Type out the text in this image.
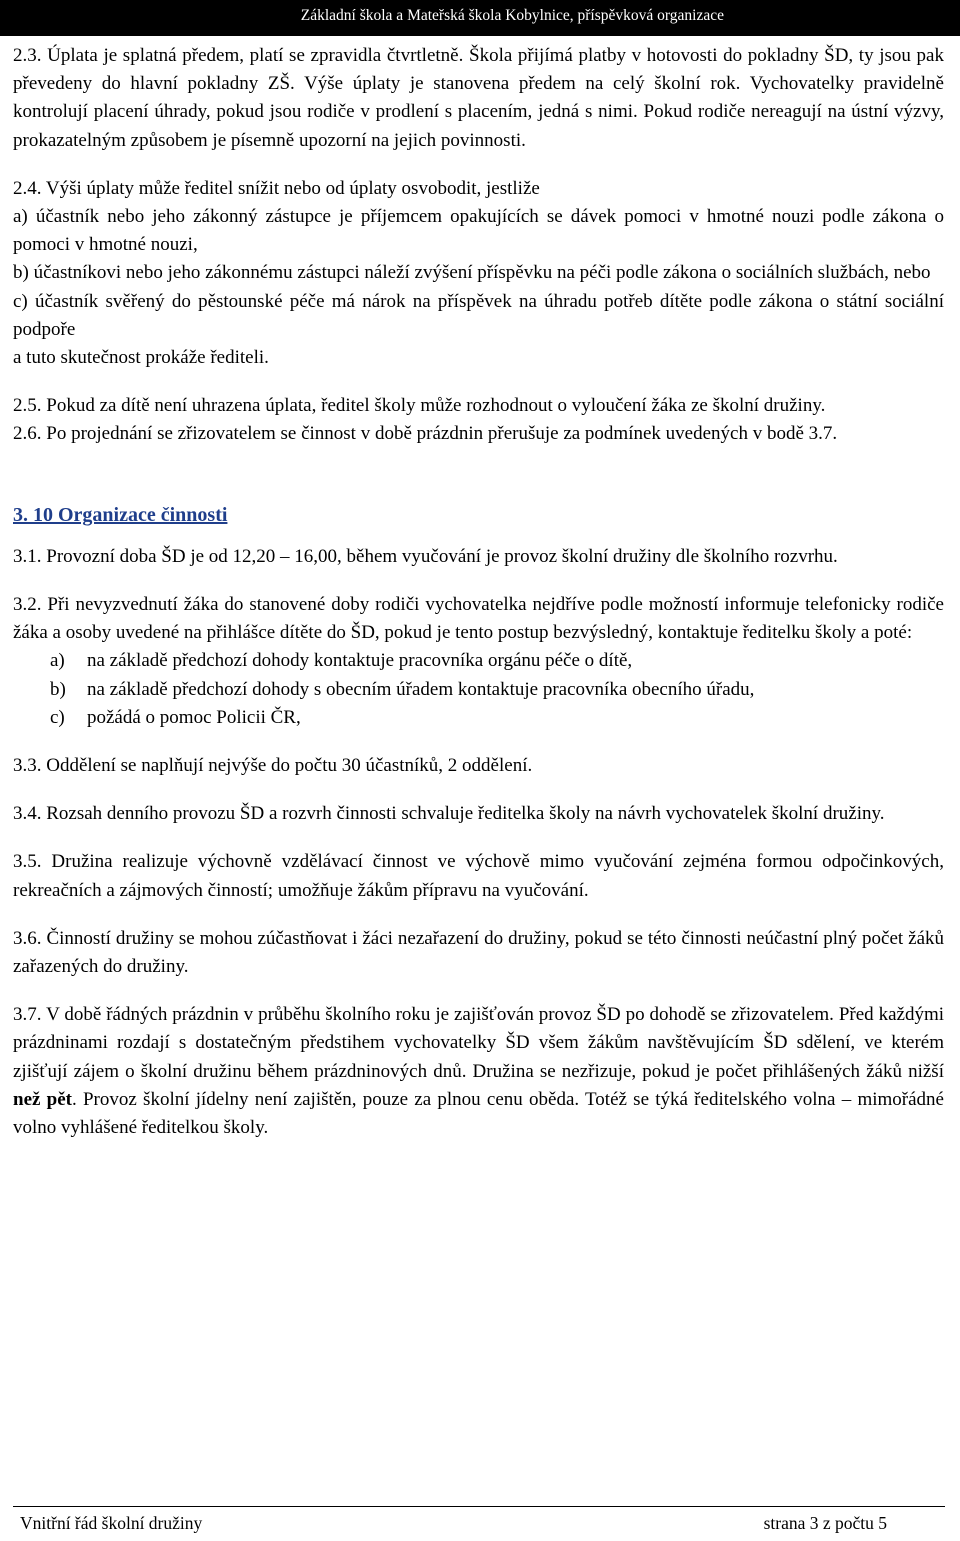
Základní škola a Mateřská škola Kobylnice, příspěvková organizace

2.3. Úplata je splatná předem, platí se zpravidla čtvrtletně. Škola přijímá platby v hotovosti do pokladny ŠD, ty jsou pak převedeny do hlavní pokladny ZŠ. Výše úplaty je stanovena předem na celý školní rok. Vychovatelky pravidelně kontrolují placení úhrady, pokud jsou rodiče v prodlení s placením, jedná s nimi. Pokud rodiče nereagují na ústní výzvy, prokazatelným způsobem je písemně upozorní na jejich povinnosti.

2.4. Výši úplaty může ředitel snížit nebo od úplaty osvobodit, jestliže

a) účastník nebo jeho zákonný zástupce je příjemcem opakujících se dávek pomoci v hmotné nouzi podle zákona o pomoci v hmotné nouzi,

b) účastníkovi nebo jeho zákonnému zástupci náleží zvýšení příspěvku na péči podle zákona o sociálních službách, nebo

c) účastník svěřený do pěstounské péče má nárok na příspěvek na úhradu potřeb dítěte podle zákona o státní sociální podpoře

a tuto skutečnost prokáže řediteli.

2.5. Pokud za dítě není uhrazena úplata, ředitel školy může rozhodnout o vyloučení žáka ze školní družiny.

2.6. Po projednání se zřizovatelem se činnost v době prázdnin přerušuje za podmínek uvedených v bodě 3.7.

3. 10 Organizace činnosti

3.1. Provozní doba ŠD je od 12,20 – 16,00, během vyučování je provoz školní družiny dle školního rozvrhu.

3.2. Při nevyzvednutí žáka do stanovené doby rodiči vychovatelka nejdříve podle možností informuje telefonicky rodiče žáka a osoby uvedené na přihlášce dítěte do ŠD, pokud je tento postup bezvýsledný, kontaktuje ředitelku školy a poté:

a)	na základě předchozí dohody kontaktuje pracovníka orgánu péče o dítě,
b)	na základě předchozí dohody s obecním úřadem kontaktuje pracovníka obecního úřadu,
c)	požádá o pomoc Policii ČR,

3.3. Oddělení se naplňují nejvýše do počtu 30 účastníků, 2 oddělení.

3.4. Rozsah denního provozu ŠD a rozvrh činnosti schvaluje ředitelka školy na návrh vychovatelek školní družiny.

3.5. Družina realizuje výchovně vzdělávací činnost ve výchově mimo vyučování zejména formou odpočinkových, rekreačních a zájmových činností; umožňuje žákům přípravu na vyučování.

3.6. Činností družiny se mohou zúčastňovat i žáci nezařazení do družiny, pokud se této činnosti neúčastní plný počet žáků zařazených do družiny.

3.7. V době řádných prázdnin v průběhu školního roku je zajišťován provoz ŠD po dohodě se zřizovatelem. Před každými prázdninami rozdají s dostatečným předstihem vychovatelky ŠD všem žákům navštěvujícím ŠD sdělení, ve kterém zjišťují zájem o školní družinu během prázdninových dnů. Družina se nezřizuje, pokud je počet přihlášených žáků nižší než pět. Provoz školní jídelny není zajištěn, pouze za plnou cenu oběda. Totéž se týká ředitelského volna – mimořádné volno vyhlášené ředitelkou školy.

Vnitřní řád školní družiny	strana 3 z počtu 5
